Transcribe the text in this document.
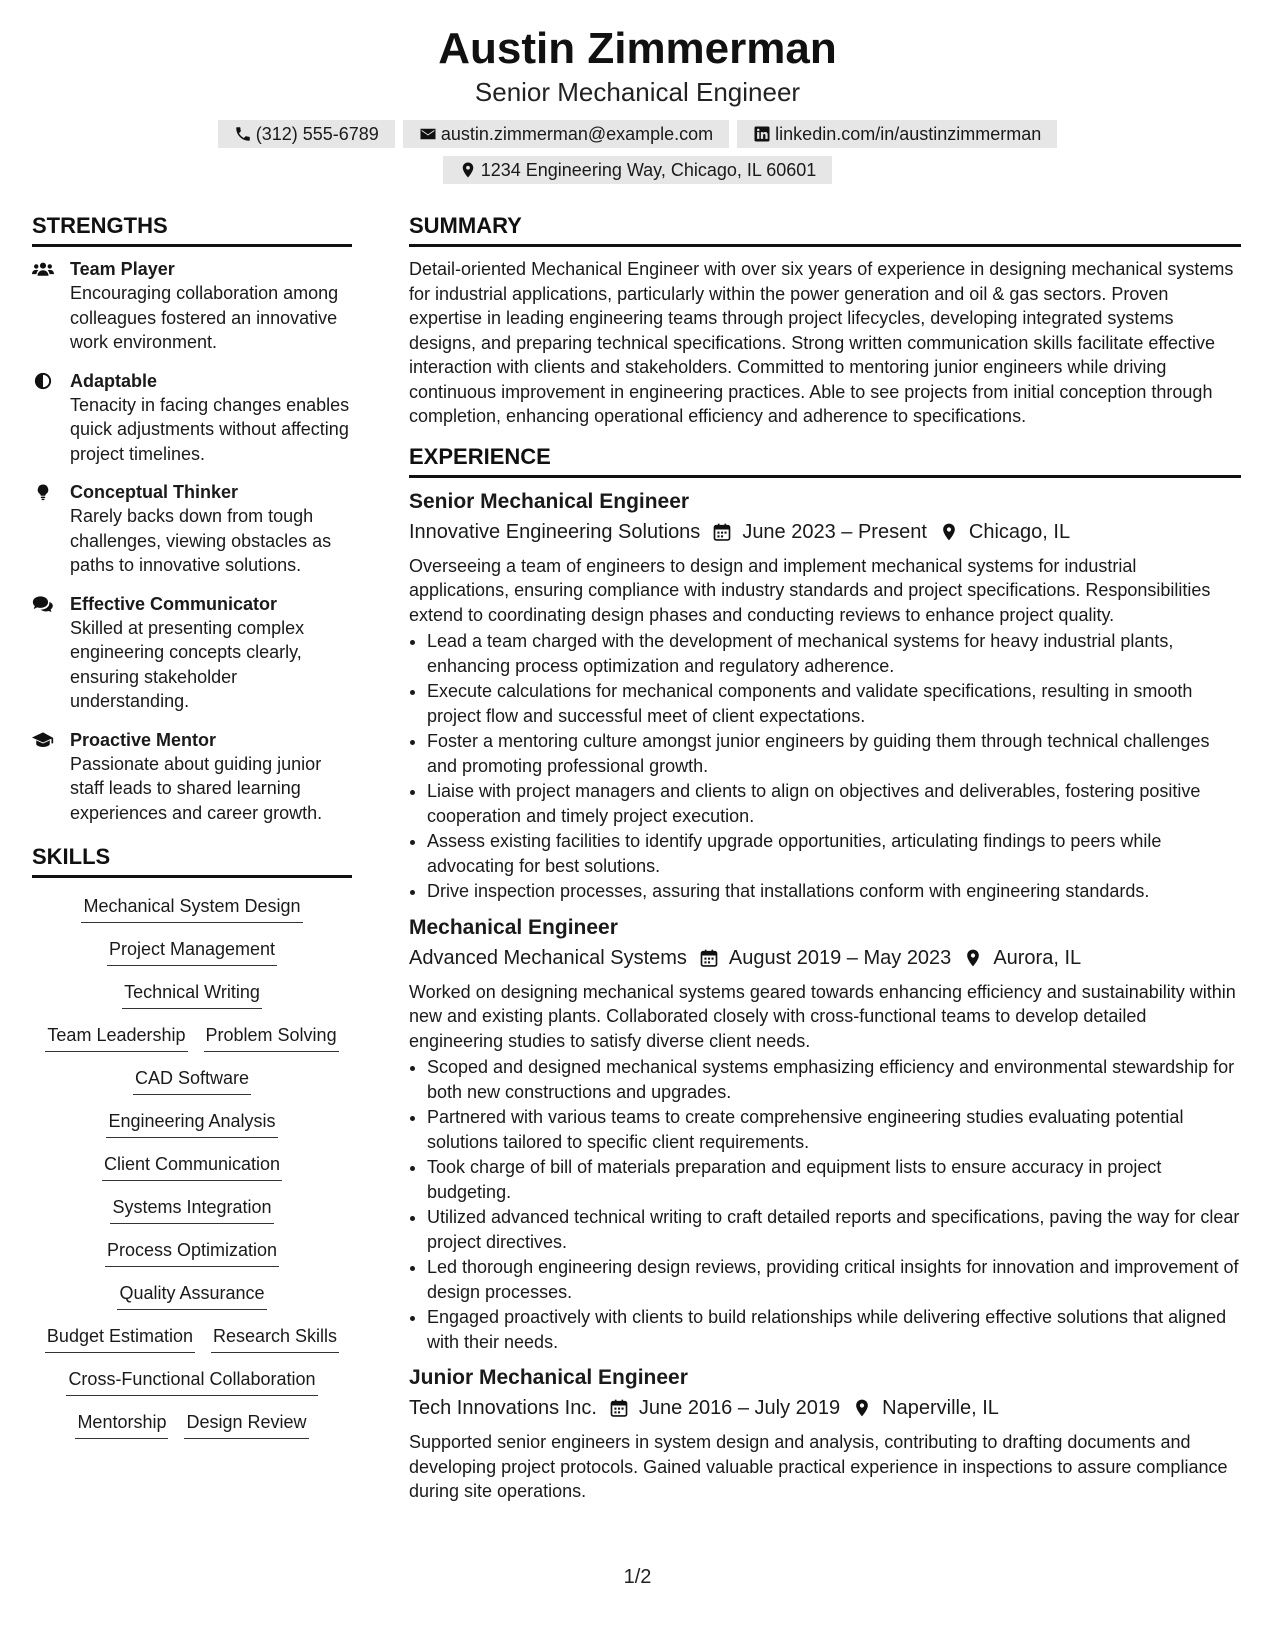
Austin Zimmerman
Senior Mechanical Engineer
(312) 555-6789	austin.zimmerman@example.com	linkedin.com/in/austinzimmerman
1234 Engineering Way, Chicago, IL 60601
STRENGTHS
Team Player
Encouraging collaboration among colleagues fostered an innovative work environment.
Adaptable
Tenacity in facing changes enables quick adjustments without affecting project timelines.
Conceptual Thinker
Rarely backs down from tough challenges, viewing obstacles as paths to innovative solutions.
Effective Communicator
Skilled at presenting complex engineering concepts clearly, ensuring stakeholder understanding.
Proactive Mentor
Passionate about guiding junior staff leads to shared learning experiences and career growth.
SKILLS
Mechanical System Design
Project Management
Technical Writing
Team Leadership Problem Solving
CAD Software
Engineering Analysis
Client Communication
Systems Integration
Process Optimization
Quality Assurance
Budget Estimation Research Skills
Cross-Functional Collaboration
Mentorship Design Review
SUMMARY
Detail-oriented Mechanical Engineer with over six years of experience in designing mechanical systems for industrial applications, particularly within the power generation and oil & gas sectors. Proven expertise in leading engineering teams through project lifecycles, developing integrated systems designs, and preparing technical specifications. Strong written communication skills facilitate effective interaction with clients and stakeholders. Committed to mentoring junior engineers while driving continuous improvement in engineering practices. Able to see projects from initial conception through completion, enhancing operational efficiency and adherence to specifications.
EXPERIENCE
Senior Mechanical Engineer
Innovative Engineering Solutions June 2023 – Present Chicago, IL
Overseeing a team of engineers to design and implement mechanical systems for industrial applications, ensuring compliance with industry standards and project specifications. Responsibilities extend to coordinating design phases and conducting reviews to enhance project quality.
• Lead a team charged with the development of mechanical systems for heavy industrial plants, enhancing process optimization and regulatory adherence.
• Execute calculations for mechanical components and validate specifications, resulting in smooth project flow and successful meet of client expectations.
• Foster a mentoring culture amongst junior engineers by guiding them through technical challenges and promoting professional growth.
• Liaise with project managers and clients to align on objectives and deliverables, fostering positive cooperation and timely project execution.
• Assess existing facilities to identify upgrade opportunities, articulating findings to peers while advocating for best solutions.
• Drive inspection processes, assuring that installations conform with engineering standards.
Mechanical Engineer
Advanced Mechanical Systems August 2019 – May 2023 Aurora, IL
Worked on designing mechanical systems geared towards enhancing efficiency and sustainability within new and existing plants. Collaborated closely with cross-functional teams to develop detailed engineering studies to satisfy diverse client needs.
• Scoped and designed mechanical systems emphasizing efficiency and environmental stewardship for both new constructions and upgrades.
• Partnered with various teams to create comprehensive engineering studies evaluating potential solutions tailored to specific client requirements.
• Took charge of bill of materials preparation and equipment lists to ensure accuracy in project budgeting.
• Utilized advanced technical writing to craft detailed reports and specifications, paving the way for clear project directives.
• Led thorough engineering design reviews, providing critical insights for innovation and improvement of design processes.
• Engaged proactively with clients to build relationships while delivering effective solutions that aligned with their needs.
Junior Mechanical Engineer
Tech Innovations Inc. June 2016 – July 2019 Naperville, IL
Supported senior engineers in system design and analysis, contributing to drafting documents and developing project protocols. Gained valuable practical experience in inspections to assure compliance during site operations.
1/2
